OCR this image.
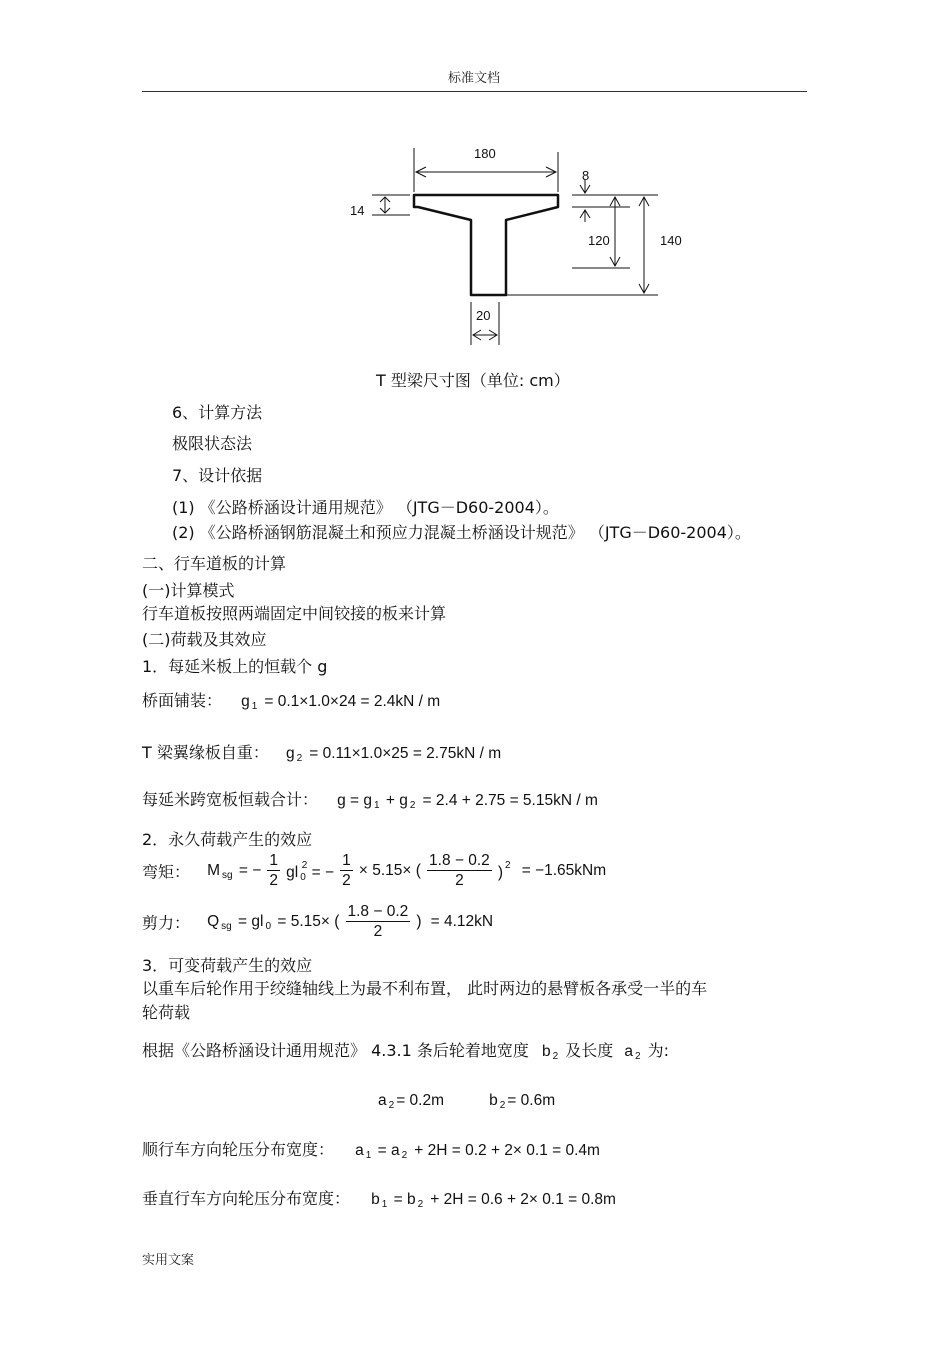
标准文档
180
8
14
120	140
20
T 型梁尺寸图（单位: cm）
6、计算方法
极限状态法
7、设计依据
(1) 《公路桥涵设计通用规范》 （JTG－D60-2004）。
(2) 《公路桥涵钢筋混凝土和预应力混凝土桥涵设计规范》 （JTG－D60-2004）。
二、行车道板的计算
(一)计算模式
行车道板按照两端固定中间铰接的板来计算
(二)荷载及其效应
1．每延米板上的恒载个 g
桥面铺装： g $_1$ = 0.1×1.0×24 = 2.4kN / m
T 梁翼缘板自重： g $_2$ = 0.11×1.0×25 = 2.75kN / m
每延米跨宽板恒载合计： g = g $_1$ + g $_2$ = 2.4 + 2.75 = 5.15kN / m
2．永久荷载产生的效应
弯矩： M $_{sg}$ = − $\frac{1}{2}$ gl $_0^2$ = − $\frac{1}{2} \times 5.15\times$ ( $\frac{1.8 - 0.2}{2}$ ) $^2$ = −1.65kNm
剪力： Q $_{sg}$ = gl $_0$ = 5.15× ( $\frac{1.8 - 0.2}{2}$ ) = 4.12kN
3．可变荷载产生的效应
以重车后轮作用于绞缝轴线上为最不利布置， 此时两边的悬臂板各承受一半的车
轮荷载
根据《公路桥涵设计通用规范》 4.3.1 条后轮着地宽度 b $_2$ 及长度 a $_2$ 为:
a $_2$ = 0.2m	b $_2$ = 0.6m
顺行车方向轮压分布宽度： a $_1$ = a $_2$ + 2H = 0.2 + 2× 0.1 = 0.4m
垂直行车方向轮压分布宽度： b $_1$ = b $_2$ + 2H = 0.6 + 2× 0.1 = 0.8m
实用文案
